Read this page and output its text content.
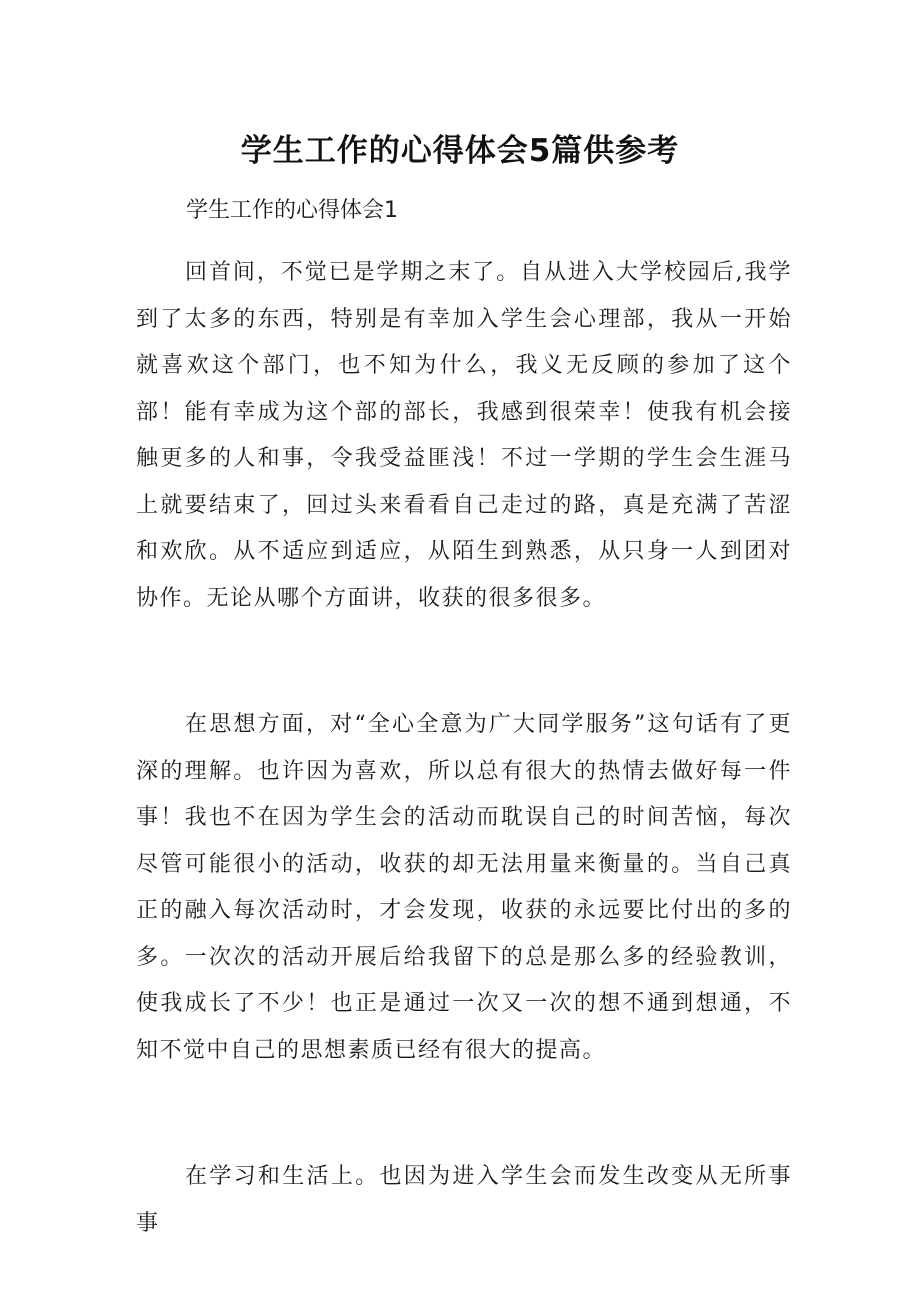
学生工作的心得体会5篇供参考
学生工作的心得体会1

回首间，不觉已是学期之末了。自从进入大学校园后,我学到了太多的东西，特别是有幸加入学生会心理部，我从一开始就喜欢这个部门，也不知为什么，我义无反顾的参加了这个部！能有幸成为这个部的部长，我感到很荣幸！使我有机会接触更多的人和事，令我受益匪浅！不过一学期的学生会生涯马上就要结束了，回过头来看看自己走过的路，真是充满了苦涩和欢欣。从不适应到适应，从陌生到熟悉，从只身一人到团对协作。无论从哪个方面讲，收获的很多很多。

在思想方面，对“全心全意为广大同学服务”这句话有了更深的理解。也许因为喜欢，所以总有很大的热情去做好每一件事！我也不在因为学生会的活动而耽误自己的时间苦恼，每次尽管可能很小的活动，收获的却无法用量来衡量的。当自己真正的融入每次活动时，才会发现，收获的永远要比付出的多的多。一次次的活动开展后给我留下的总是那么多的经验教训，使我成长了不少！也正是通过一次又一次的想不通到想通，不知不觉中自己的思想素质已经有很大的提高。

在学习和生活上。也因为进入学生会而发生改变从无所事事
